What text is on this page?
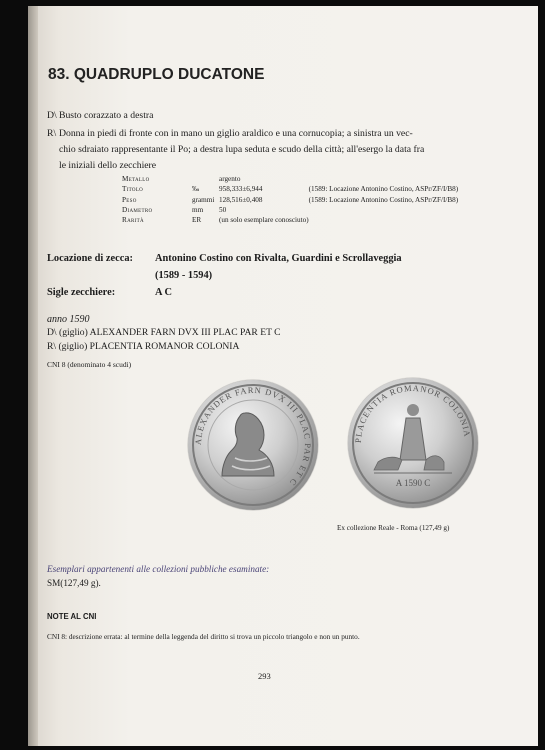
83. QUADRUPLO DUCATONE
D\ Busto corazzato a destra
R\ Donna in piedi di fronte con in mano un giglio araldico e una cornucopia; a sinistra un vec-
chio sdraiato rappresentante il Po; a destra lupa seduta e scudo della città; all'esergo la data fra
le iniziali dello zecchiere
Metallo		argento	
Titolo	‰	958,333±6,944	(1589: Locazione Antonino Costino, ASPr/ZF/I/B8)
Peso	grammi	128,516±0,408	(1589: Locazione Antonino Costino, ASPr/ZF/I/B8)
Diametro	mm	50	
Rarità	ER	(un solo esemplare conosciuto)	
Locazione di zecca: Antonino Costino con Rivalta, Guardini e Scrollaveggia
(1589 - 1594)
Sigle zecchiere:	A C
anno 1590
D\ (giglio) ALEXANDER FARN DVX III PLAC PAR ET C
R\ (giglio) PLACENTIA ROMANOR COLONIA
CNI 8 (denominato 4 scudi)
ALEXANDER FARN DVX III PLAC PAR ET C
PLACENTIA ROMANOR COLONIA
A 1590 C
Ex collezione Reale - Roma (127,49 g)
Esemplari appartenenti alle collezioni pubbliche esaminate:
SM(127,49 g).
NOTE AL CNI
CNI 8: descrizione errata: al termine della leggenda del diritto si trova un piccolo triangolo e non un punto.
293
